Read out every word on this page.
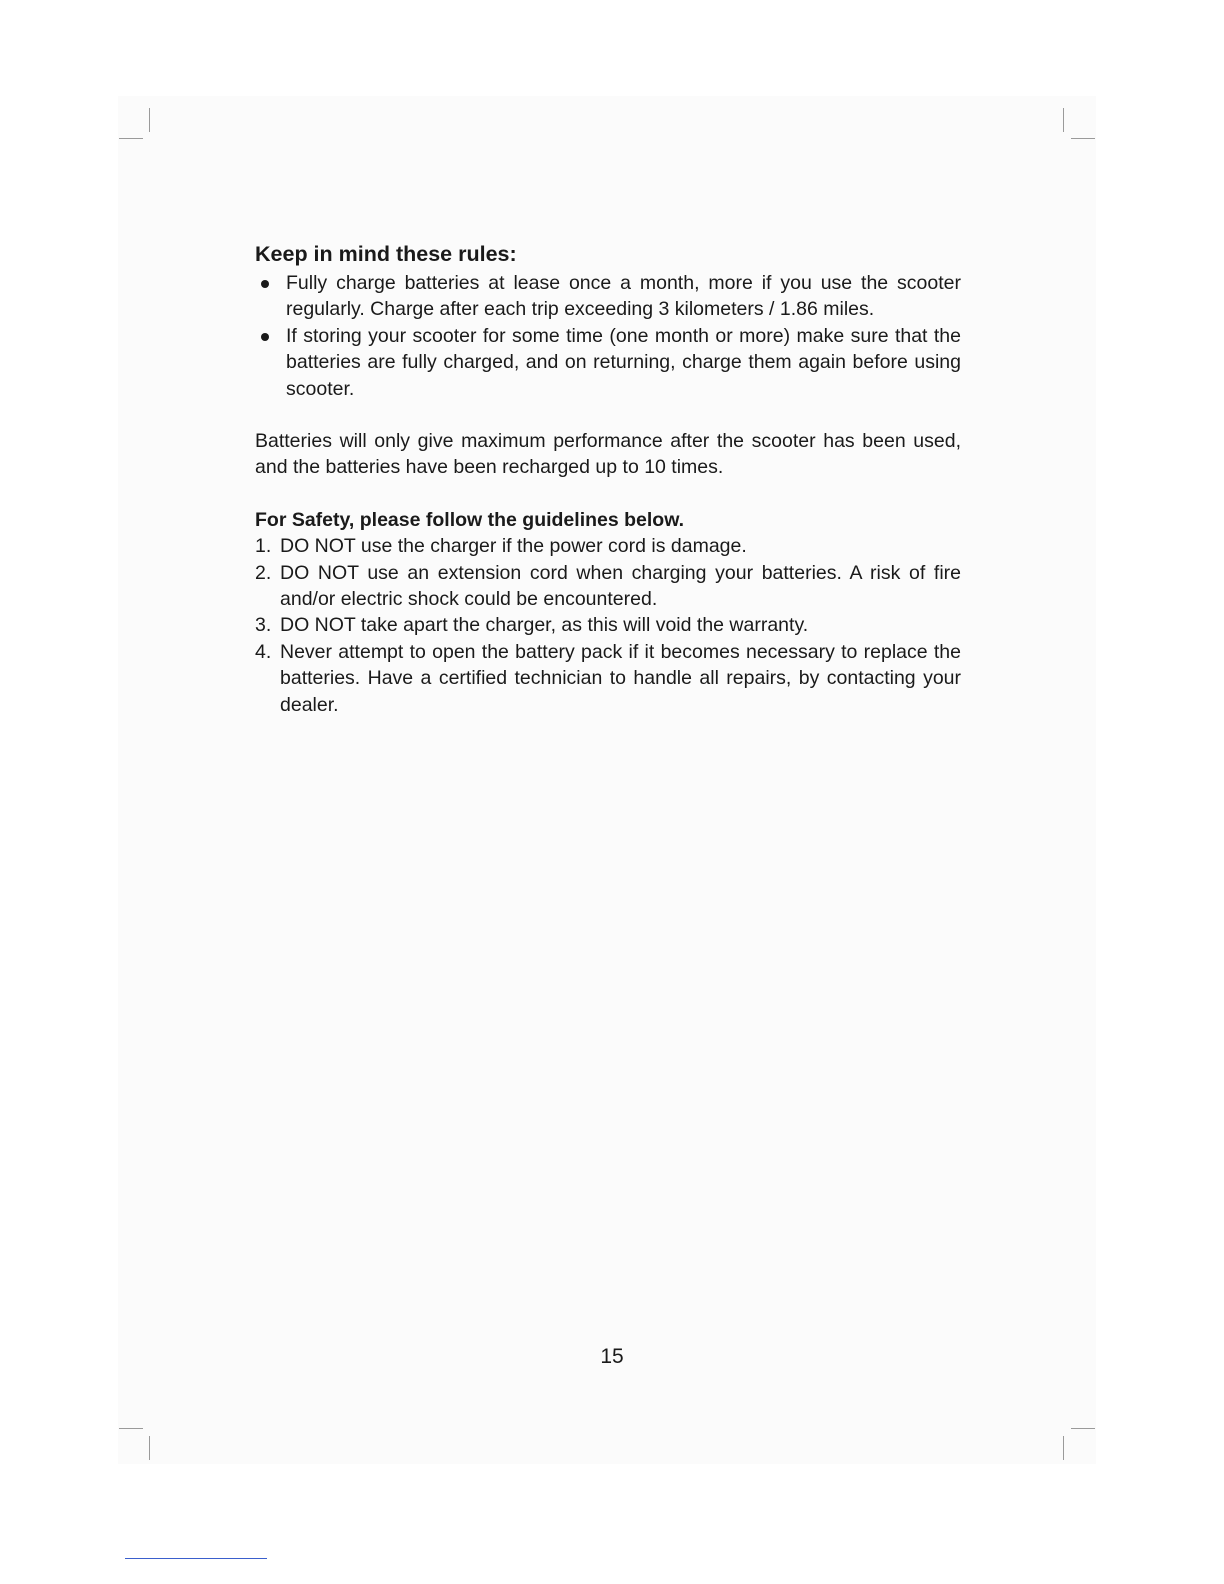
Keep in mind these rules:
Fully charge batteries at lease once a month, more if you use the scooter regularly. Charge after each trip exceeding 3 kilometers / 1.86 miles.
If storing your scooter for some time (one month or more) make sure that the batteries are fully charged, and on returning, charge them again before using scooter.

Batteries will only give maximum performance after the scooter has been used, and the batteries have been recharged up to 10 times.

For Safety, please follow the guidelines below.
1. DO NOT use the charger if the power cord is damage.
2. DO NOT use an extension cord when charging your batteries. A risk of fire and/or electric shock could be encountered.
3. DO NOT take apart the charger, as this will void the warranty.
4. Never attempt to open the battery pack if it becomes necessary to replace the batteries. Have a certified technician to handle all repairs, by contacting your dealer.
15
